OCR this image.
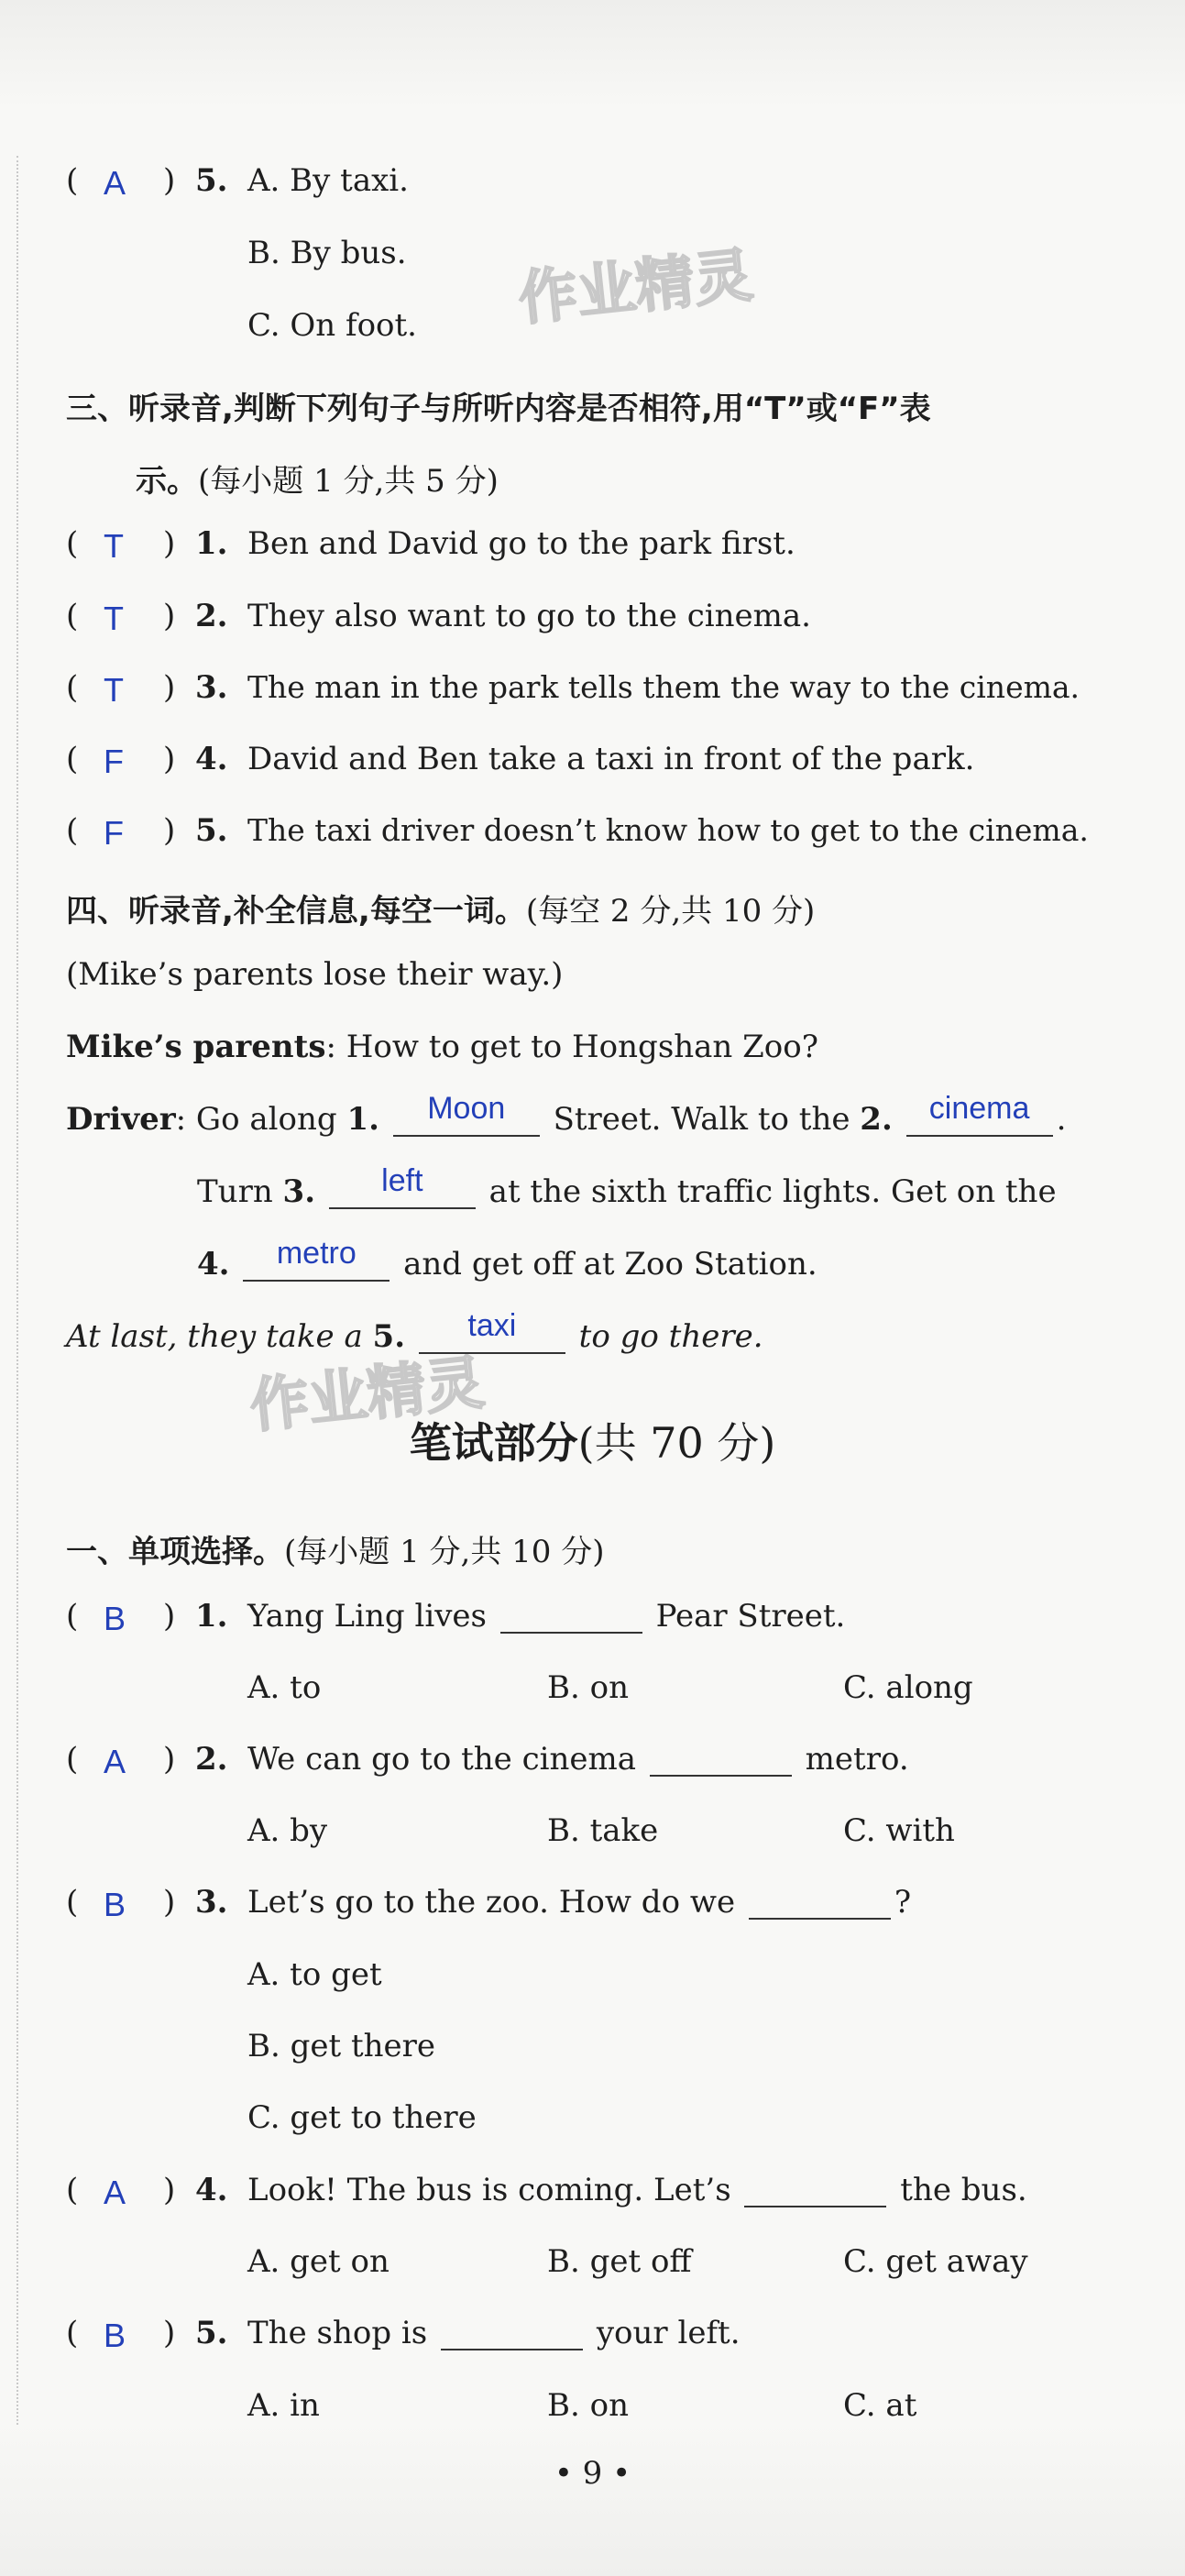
作业精灵
作业精灵
( A ) 5. A. By taxi.
B. By bus.
C. On foot.
三、听录音,判断下列句子与所听内容是否相符,用“T”或“F”表
示。(每小题 1 分,共 5 分)
( T ) 1. Ben and David go to the park first.
( T ) 2. They also want to go to the cinema.
( T ) 3. The man in the park tells them the way to the cinema.
( F ) 4. David and Ben take a taxi in front of the park.
( F ) 5. The taxi driver doesn’t know how to get to the cinema.
四、听录音,补全信息,每空一词。(每空 2 分,共 10 分)
(Mike’s parents lose their way.)
Mike’s parents: How to get to Hongshan Zoo?
Driver: Go along 1.	Moon	Street. Walk to the 2.	cinema .
Turn 3.	left	at the sixth traffic lights. Get on the
4.	metro	and get off at Zoo Station.
At last, they take a 5.	taxi	to go there.
笔试部分(共 70 分)
一、单项选择。(每小题 1 分,共 10 分)
( B ) 1. Yang Ling lives	Pear Street.
A. to	B. on	C. along
( A ) 2. We can go to the cinema	metro.
A. by	B. take	C. with
( B ) 3. Let’s go to the zoo. How do we	?
A. to get
B. get there
C. get to there
( A ) 4. Look! The bus is coming. Let’s	the bus.
A. get on	B. get off	C. get away
( B ) 5. The shop is	your left.
A. in	B. on	C. at
• 9 •
